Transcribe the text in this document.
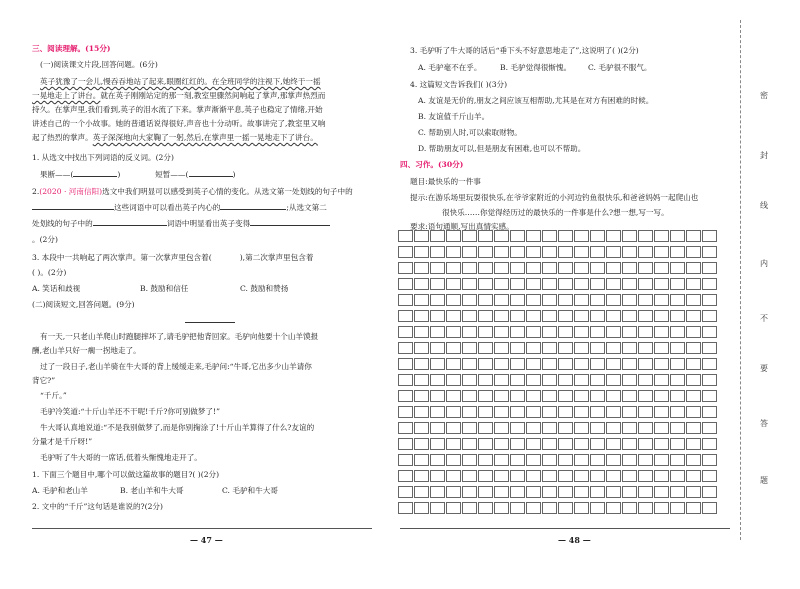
三、阅读理解。(15分)
(一)阅读课文片段,回答问题。(6分)
英子犹豫了一会儿,慢吞吞地站了起来,眼圈红红的。在全班同学的注视下,她终于一摇
一晃地走上了讲台。就在英子刚刚站定的那一刻,教室里骤然间响起了掌声,那掌声热烈而
持久。在掌声里,我们看到,英子的泪水流了下来。掌声渐渐平息,英子也稳定了情绪,开始
讲述自己的一个小故事。她的普通话说得很好,声音也十分动听。故事讲完了,教室里又响
起了热烈的掌声。英子深深地向大家鞠了一躬,然后,在掌声里一摇一晃地走下了讲台。
1. 从选文中找出下列词语的反义词。(2分)
果断——(	)	短暂——(	)
2.(2020 · 河南信阳)选文中我们明显可以感受到英子心情的变化。从选文第一处划线的句子中的
这些词语中可以看出英子内心的	;从选文第二
处划线的句子中的	词语中明显看出英子变得
。(2分)
3. 本段中一共响起了两次掌声。第一次掌声里包含着(	),第二次掌声里包含着
( )。(2分)
A. 笑话和歧视	B. 鼓励和信任	C. 鼓励和赞扬
(二)阅读短文,回答问题。(9分)
有一天,一只老山羊爬山时跑腿摔坏了,请毛驴把他背回家。毛驴向他要十个山羊馍报
酬,老山羊只好一瘸一拐地走了。
过了一段日子,老山羊骑在牛大哥的背上缓缓走来,毛驴问:“牛哥,它出多少山羊请你
背它?”
“千斤。”
毛驴冷笑道:“十斤山羊还不干呢!千斤?你可别做梦了!”
牛大哥认真地说道:“不是我别做梦了,而是你别掬涂了!十斤山羊算得了什么?友谊的
分量才是千斤呀!”
毛驴听了牛大哥的一席话,低着头惭愧地走开了。
1. 下面三个题目中,哪个可以做这篇故事的题目?( )(2分)
A. 毛驴和老山羊	B. 老山羊和牛大哥	C. 毛驴和牛大哥
2. 文中的“千斤”这句话是谁说的?(2分)
— 47 —
3. 毛驴听了牛大哥的话后“垂下头不好意思地走了”,这说明了( )(2分)
A. 毛驴毫不在乎。 B. 毛驴觉得很惭愧。 C. 毛驴很不服气。
4. 这篇短文告诉我们( )(3分)
A. 友谊是无价的,朋友之间应该互相帮助,尤其是在对方有困难的时候。
B. 友谊值千斤山羊。
C. 帮助别人时,可以索取财物。
D. 帮助朋友可以,但是朋友有困难,也可以不帮助。
四、习作。(30分)
题目:最快乐的一件事
提示:在游乐场里玩耍很快乐,在爷爷家附近的小河边钓鱼很快乐,和爸爸妈妈一起爬山也
很快乐……你觉得经历过的最快乐的一件事是什么?想一想,写一写。
要求:语句通顺,写出真情实感。
— 48 —
密
封
线
内
不
要
答
题
